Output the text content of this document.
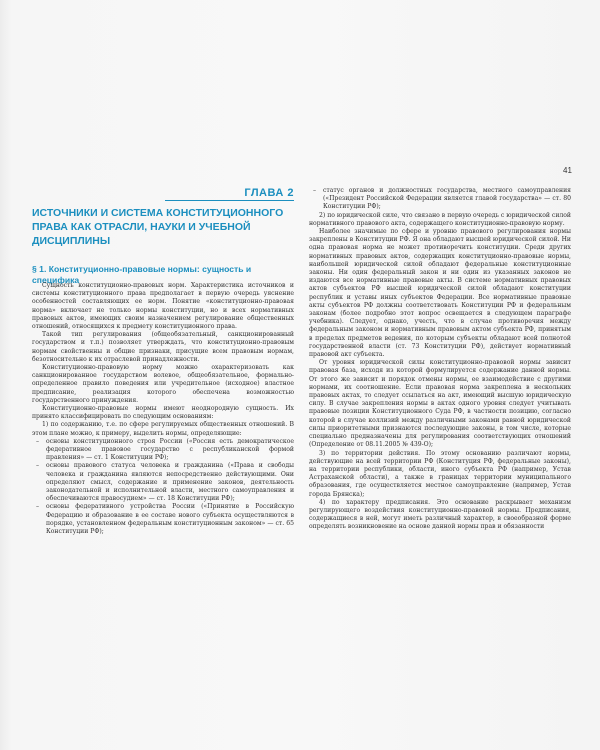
41
ГЛАВА 2
ИСТОЧНИКИ И СИСТЕМА КОНСТИТУЦИОННОГО ПРАВА КАК ОТРАСЛИ, НАУКИ И УЧЕБНОЙ ДИСЦИПЛИНЫ
§ 1. Конституционно-правовые нормы: сущность и специфика

Сущность конституционно-правовых норм. Характеристика источников и системы конституционного права предполагает в первую очередь уяснение особенностей составляющих ее норм. Понятие «конституционно-правовая норма» включает не только нормы конституции, но и всех нормативных правовых актов, имеющих своим назначением регулирование общественных отношений, относящихся к предмету конституционного права.

Такой тип регулирования (общеобязательный, санкционированный государством и т.п.) позволяет утверждать, что конституционно-правовым нормам свойственны и общие признаки, присущие всем правовым нормам, безотносительно к их отраслевой принадлежности.

Конституционно-правовую норму можно охарактеризовать как санкционированное государством волевое, общеобязательное, формально-определенное правило поведения или учредительное (исходное) властное предписание, реализация которого обеспечена возможностью государственного принуждения.

Конституционно-правовые нормы имеют неоднородную сущность. Их принято классифицировать по следующим основаниям:

1) по содержанию, т.е. по сфере регулируемых общественных отношений. В этом плане можно, к примеру, выделить нормы, определяющие:

– основы конституционного строя России («Россия есть демократическое федеративное правовое государство с республиканской формой правления» — ст. 1 Конституции РФ);

– основы правового статуса человека и гражданина («Права и свободы человека и гражданина являются непосредственно действующими. Они определяют смысл, содержание и применение законов, деятельность законодательной и исполнительной власти, местного самоуправления и обеспечиваются правосудием» — ст. 18 Конституции РФ);

– основы федеративного устройства России («Принятие в Российскую Федерацию и образование в ее составе нового субъекта осуществляются в порядке, установленном федеральным конституционным законом» — ст. 65 Конституции РФ);

– статус органов и должностных государства, местного самоуправления («Президент Российской Федерации является главой государства» — ст. 80 Конституции РФ);

2) по юридической силе, что связано в первую очередь с юридической силой нормативного правового акта, содержащего конституционно-правовую норму.

Наиболее значимые по сфере и уровню правового регулирования нормы закреплены в Конституции РФ. Я она обладают высшей юридической силой. Ни одна правовая норма не может противоречить конституции. Среди других нормативных правовых актов, содержащих конституционно-правовые нормы, наибольшей юридической силой обладают федеральные конституционные законы. Ни один федеральный закон и ни один из указанных законов не издаются все нормативные правовые акты. В системе нормативных правовых актов субъектов РФ высшей юридической силой обладают конституции республик и уставы иных субъектов Федерации. Все нормативные правовые акты субъектов РФ должны соответствовать Конституции РФ и федеральным законам (более подробно этот вопрос освещается в следующем параграфе учебника). Следует, однако, учесть, что в случае противоречия между федеральным законом и нормативным правовым актом субъекта РФ, принятым в пределах предметов ведения, по которым субъекты обладают всей полнотой государственной власти (ст. 73 Конституции РФ), действует нормативный правовой акт субъекта.

От уровня юридической силы конституционно-правовой нормы зависит правовая база, исходя из которой формулируется содержание данной нормы. От этого же зависит и порядок отмены нормы, ее взаимодействие с другими нормами, их соотношение. Если правовая норма закреплена в нескольких правовых актах, то следует ссылаться на акт, имеющий высшую юридическую силу. В случае закрепления нормы в актах одного уровня следует учитывать правовые позиции Конституционного Суда РФ, в частности позицию, согласно которой в случае коллизий между различными законами равной юридической силы приоритетными признаются последующие законы, в том числе, которые специально предназначены для регулирования соответствующих отношений (Определение от 08.11.2005 № 439-О);

3) по территории действия. По этому основанию различают нормы, действующие на всей территории РФ (Конституция РФ, федеральные законы), на территории республики, области, иного субъекта РФ (например, Устав Астраханской области), а также в границах территории муниципального образования, где осуществляется местное самоуправление (например, Устав города Брянска);

4) по характеру предписания. Это основание раскрывает механизм регулирующего воздействия конституционно-правовой нормы. Предписания, содержащиеся в ней, могут иметь различный характер, в своеобразной форме определять возникновение на основе данной нормы прав и обязанности
